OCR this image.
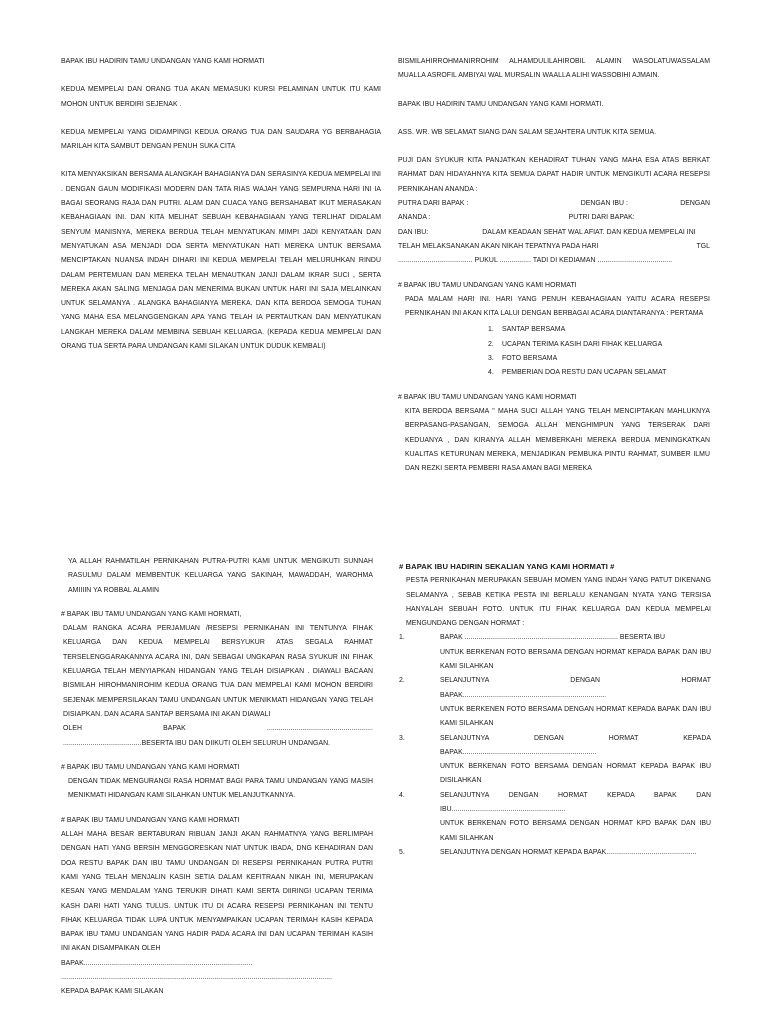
BAPAK IBU HADIRIN TAMU UNDANGAN YANG KAMI HORMATI

KEDUA MEMPELAI DAN ORANG TUA AKAN MEMASUKI KURSI PELAMINAN UNTUK ITU KAMI MOHON UNTUK BERDIRI SEJENAK .

KEDUA MEMPELAI YANG DIDAMPINGI KEDUA ORANG TUA DAN SAUDARA YG BERBAHAGIA MARILAH KITA SAMBUT DENGAN PENUH SUKA CITA

KITA MENYAKSIKAN BERSAMA ALANGKAH BAHAGIANYA DAN SERASINYA KEDUA MEMPELAI INI . DENGAN GAUN MODIFIKASI MODERN DAN TATA RIAS WAJAH YANG SEMPURNA HARI INI IA BAGAI SEORANG RAJA DAN PUTRI. ALAM DAN CUACA YANG BERSAHABAT IKUT MERASAKAN KEBAHAGIAAN INI. DAN KITA MELIHAT SEBUAH KEBAHAGIAAN YANG TERLIHAT DIDALAM SENYUM MANISNYA, MEREKA BERDUA TELAH MENYATUKAN MIMPI JADI KENYATAAN DAN MENYATUKAN ASA MENJADI DOA SERTA MENYATUKAN HATI MEREKA UNTUK BERSAMA MENCIPTAKAN NUANSA INDAH DIHARI INI KEDUA MEMPELAI TELAH MELURUHKAN RINDU DALAM PERTEMUAN DAN MEREKA TELAH MENAUTKAN JANJI DALAM IKRAR SUCI , SERTA MEREKA AKAN SALING MENJAGA DAN MENERIMA BUKAN UNTUK HARI INI SAJA MELAINKAN UNTUK SELAMANYA . ALANGKA BAHAGIANYA MEREKA. DAN KITA BERDOA SEMOGA TUHAN YANG MAHA ESA MELANGGENGKAN APA YANG TELAH IA PERTAUTKAN DAN MENYATUKAN LANGKAH MEREKA DALAM MEMBINA SEBUAH KELUARGA. (KEPADA KEDUA MEMPELAI DAN ORANG TUA SERTA PARA UNDANGAN KAMI SILAKAN UNTUK DUDUK KEMBALI)

BISMILAHIRROHMANIRROHIM ALHAMDULILAHIROBIL ALAMIN WASOLATUWASSALAM MUALLA ASROFIL AMBIYAI WAL MURSALIN WAALLA ALIHI WASSOBIHI AJMAIN.

BAPAK IBU HADIRIN TAMU UNDANGAN YANG KAMI HORMATI.

ASS. WR. WB SELAMAT SIANG DAN SALAM SEJAHTERA UNTUK KITA SEMUA.

PUJI DAN SYUKUR KITA PANJATKAN KEHADIRAT TUHAN YANG MAHA ESA ATAS BERKAT RAHMAT DAN HIDAYAHNYA KITA SEMUA DAPAT HADIR UNTUK MENGIKUTI ACARA RESEPSI PERNIKAHAN ANANDA :

PUTRA DARI BAPAK :	DENGAN IBU :	DENGAN
ANANDA :	PUTRI DARI BAPAK:
DAN IBU:	DALAM KEADAAN SEHAT WAL AFIAT. DAN KEDUA MEMPELAI INI
TELAH MELAKSANAKAN AKAN NIKAH TEPATNYA PADA HARI	TGL

...................................... PUKUL ................ TADI DI KEDIAMAN ......................................

# BAPAK IBU TAMU UNDANGAN YANG KAMI HORMATI

PADA MALAM HARI INI. HARI YANG PENUH KEBAHAGIAAN YAITU ACARA RESEPSI PERNIKAHAN INI AKAN KITA LALUI DENGAN BERBAGAI ACARA DIANTARANYA : PERTAMA

1.	SANTAP BERSAMA
2.	UCAPAN TERIMA KASIH DARI FIHAK KELUARGA
3.	FOTO BERSAMA
4.	PEMBERIAN DOA RESTU DAN UCAPAN SELAMAT

# BAPAK IBU TAMU UNDANGAN YANG KAMI HORMATI

KITA BERDOA BERSAMA " MAHA SUCI ALLAH YANG TELAH MENCIPTAKAN MAHLUKNYA BERPASANG-PASANGAN, SEMOGA ALLAH MENGHIMPUN YANG TERSERAK DARI KEDUANYA , DAN KIRANYA ALLAH MEMBERKAHI MEREKA BERDUA MENINGKATKAN KUALITAS KETURUNAN MEREKA, MENJADIKAN PEMBUKA PINTU RAHMAT, SUMBER ILMU DAN REZKI SERTA PEMBERI RASA AMAN BAGI MEREKA

YA ALLAH RAHMATILAH PERNIKAHAN PUTRA-PUTRI KAMI UNTUK MENGIKUTI SUNNAH RASULMU DALAM MEMBENTUK KELUARGA YANG SAKINAH, MAWADDAH, WAROHMA AMIIIIN YA ROBBAL ALAMIN

# BAPAK IBU TAMU UNDANGAN YANG KAMI HORMATI,

DALAM RANGKA ACARA PERJAMUAN /RESEPSI PERNIKAHAN INI TENTUNYA FIHAK KELUARGA DAN KEDUA MEMPELAI BERSYUKUR ATAS SEGALA RAHMAT TERSELENGGARAKANNYA ACARA INI, DAN SEBAGAI UNGKAPAN RASA SYUKUR INI FIHAK KELUARGA TELAH MENYIAPKAN HIDANGAN YANG TELAH DISIAPKAN . DIAWALI BACAAN BISMILAH HIROHMANIROHIM KEDUA ORANG TUA DAN MEMPELAI KAMI MOHON BERDIRI SEJENAK MEMPERSILAKAN TAMU UNDANGAN UNTUK MENIKMATI HIDANGAN YANG TELAH DISIAPKAN. DAN ACARA SANTAP BERSAMA INI AKAN DIAWALI

OLEH	BAPAK	......................................................

........................................BESERTA IBU DAN DIIKUTI OLEH SELURUH UNDANGAN.

# BAPAK IBU TAMU UNDANGAN YANG KAMI HORMATI

DENGAN TIDAK MENGURANGI RASA HORMAT BAGI PARA TAMU UNDANGAN YANG MASIH MENIKMATI HIDANGAN KAMI SILAHKAN UNTUK MELANJUTKANNYA.

# BAPAK IBU TAMU UNDANGAN YANG KAMI HORMATI

ALLAH MAHA BESAR BERTABURAN RIBUAN JANJI AKAN RAHMATNYA YANG BERLIMPAH DENGAN HATI YANG BERSIH MENGGORESKAN NIAT UNTUK IBADA, DNG KEHADIRAN DAN DOA RESTU BAPAK DAN IBU TAMU UNDANGAN DI RESEPSI PERNIKAHAN PUTRA PUTRI KAMI YANG TELAH MENJALIN KASIH SETIA DALAM KEFITRAAN NIKAH INI, MERUPAKAN KESAN YANG MENDALAM YANG TERUKIR DIHATI KAMI SERTA DIIRINGI UCAPAN TERIMA KASH DARI HATI YANG TULUS. UNTUK ITU DI ACARA RESEPSI PERNIKAHAN INI TENTU FIHAK KELUARGA TIDAK LUPA UNTUK MENYAMPAIKAN UCAPAN TERIMAH KASIH KEPADA BAPAK IBU TAMU UNDANGAN YANG HADIR PADA ACARA INI DAN UCAPAN TERIMAH KASIH INI AKAN DISAMPAIKAN OLEH

BAPAK......................................................................................

..........................................................................................................................................

KEPADA BAPAK KAMI SILAKAN

# BAPAK IBU HADIRIN SEKALIAN YANG KAMI HORMATI #

PESTA PERNIKAHAN MERUPAKAN SEBUAH MOMEN YANG INDAH YANG PATUT DIKENANG SELAMANYA , SEBAB KETIKA PESTA INI BERLALU KENANGAN NYATA YANG TERSISA HANYALAH SEBUAH FOTO. UNTUK ITU FIHAK KELUARGA DAN KEDUA MEMPELAI MENGUNDANG DENGAN HORMAT :

1.	BAPAK .............................................................................. BESERTA IBU
UNTUK BERKENAN FOTO BERSAMA DENGAN HORMAT KEPADA BAPAK DAN IBU KAMI SILAHKAN
2.	SELANJUTNYA DENGAN HORMAT BAPAK.........................................................................
UNTUK BERKENEN FOTO BERSAMA DENGAN HORMAT KEPADA BAPAK DAN IBU KAMI SILAHKAN
3.	SELANJUTNYA DENGAN HORMAT KEPADA BAPAK....................................................................
UNTUK BERKENAN FOTO BERSAMA DENGAN HORMAT KEPADA BAPAK IBU DISILAHKAN
4.	SELANJUTNYA DENGAN HORMAT KEPADA BAPAK DAN IBU..........................................................
UNTUK BERKENAN FOTO BERSAMA DENGAN HORMAT KPD BAPAK DAN IBU KAMI SILAHKAN
5.	SELANJUTNYA DENGAN HORMAT KEPADA BAPAK..............................................
